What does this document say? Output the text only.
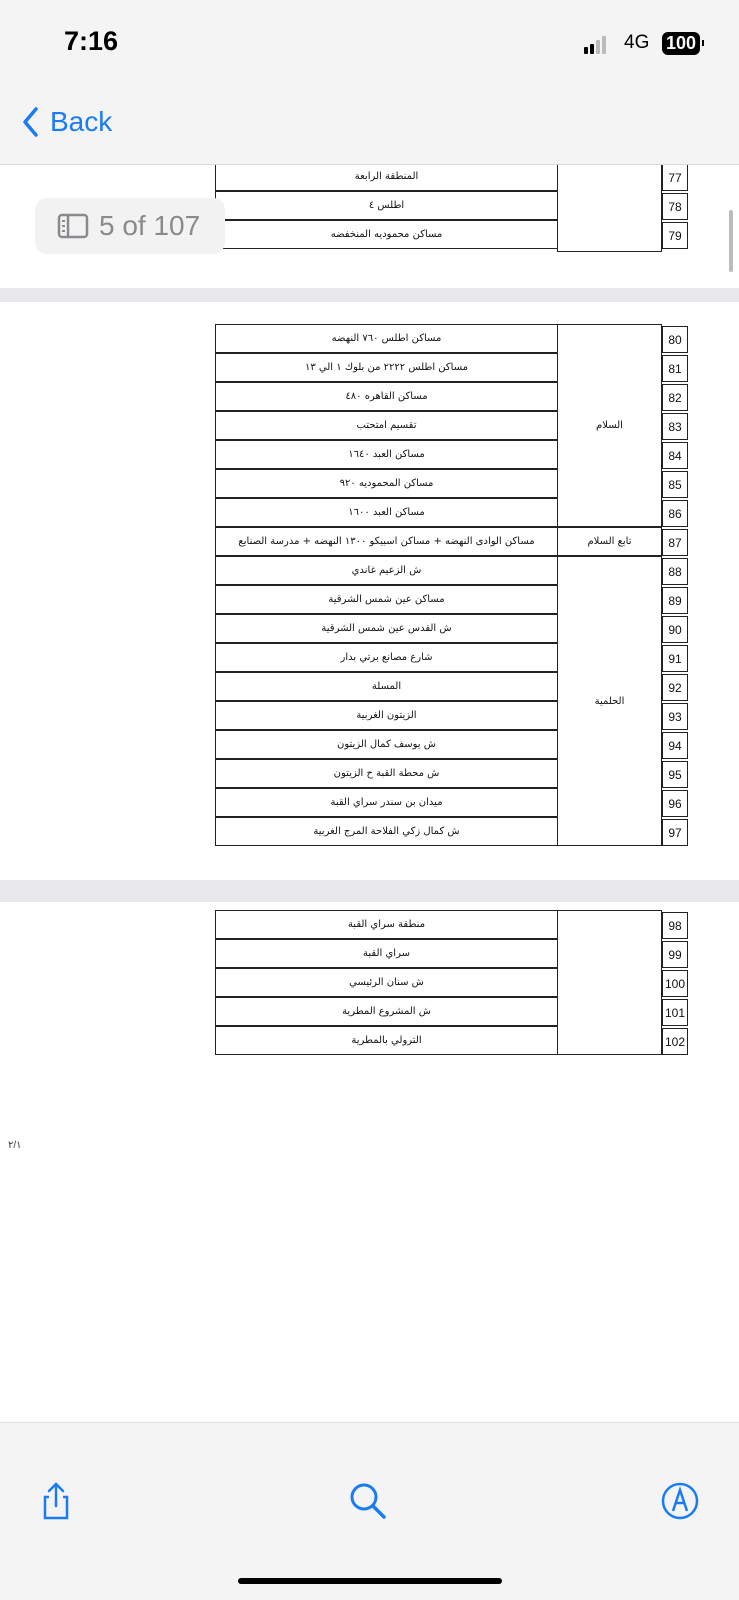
7:16	4G 100
Back
المنطقة الرابعة	77
اطلس ٤	78
مساكن محموديه المنخفضه	79
السلام
مساكن اطلس ٧٦٠ النهضه	80
مساكن اطلس ٢٢٢٢ من بلوك ١ الي ١٣	81
مساكن القاهره ٤٨٠	82
تقسيم امتحتب	83
مساكن العبد ١٦٤٠	84
مساكن المحموديه ٩٢٠	85
مساكن العبد ١٦٠٠	86
تابع السلام
مساكن الوادى النهضه + مساكن اسبيكو ١٣٠٠ النهضه + مدرسة الصنايع	87
الحلمية
ش الزعيم غاندي	88
مساكن عين شمس الشرقية	89
ش القدس عين شمس الشرقية	90
شارع مصانع برتي بدار	91
المسلة	92
الزيتون الغربية	93
ش يوسف كمال الزيتون	94
ش محطة القبة ح الزيتون	95
ميدان بن سندر سراي القبة	96
ش كمال زكي الفلاحة المرج الغربية	97
٢/١
منطقة سراي القبة	98
سراي القبة	99
ش سنان الرئيسي	100
ش المشروع المطرية	101
الترولي بالمطرية	102
5 of 107
